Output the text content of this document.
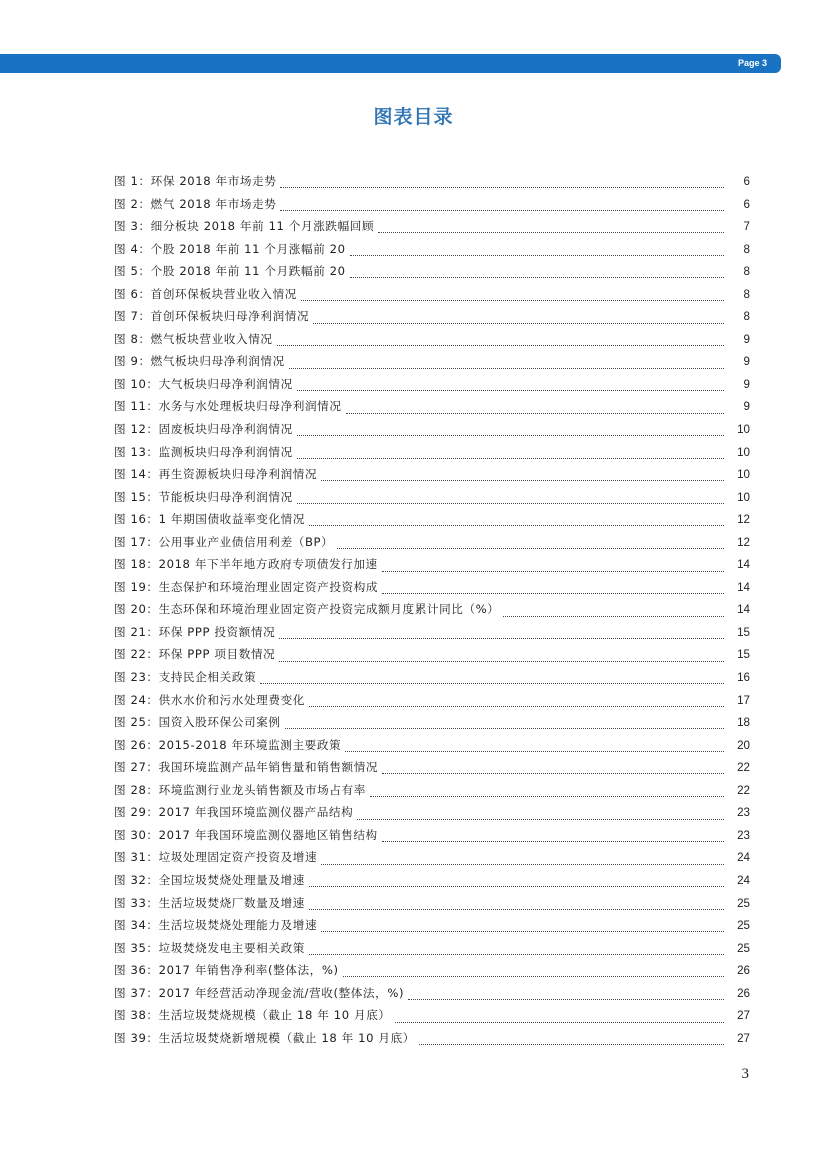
Page 3
图表目录
图 1：环保 2018 年市场走势	6
图 2：燃气 2018 年市场走势	6
图 3：细分板块 2018 年前 11 个月涨跌幅回顾	7
图 4：个股 2018 年前 11 个月涨幅前 20	8
图 5：个股 2018 年前 11 个月跌幅前 20	8
图 6：首创环保板块营业收入情况	8
图 7：首创环保板块归母净利润情况	8
图 8：燃气板块营业收入情况	9
图 9：燃气板块归母净利润情况	9
图 10：大气板块归母净利润情况	9
图 11：水务与水处理板块归母净利润情况	9
图 12：固废板块归母净利润情况	10
图 13：监测板块归母净利润情况	10
图 14：再生资源板块归母净利润情况	10
图 15：节能板块归母净利润情况	10
图 16：1 年期国债收益率变化情况	12
图 17：公用事业产业债信用利差（BP）	12
图 18：2018 年下半年地方政府专项债发行加速	14
图 19：生态保护和环境治理业固定资产投资构成	14
图 20：生态环保和环境治理业固定资产投资完成额月度累计同比（%）	14
图 21：环保 PPP 投资额情况	15
图 22：环保 PPP 项目数情况	15
图 23：支持民企相关政策	16
图 24：供水水价和污水处理费变化	17
图 25：国资入股环保公司案例	18
图 26：2015-2018 年环境监测主要政策	20
图 27：我国环境监测产品年销售量和销售额情况	22
图 28：环境监测行业龙头销售额及市场占有率	22
图 29：2017 年我国环境监测仪器产品结构	23
图 30：2017 年我国环境监测仪器地区销售结构	23
图 31：垃圾处理固定资产投资及增速	24
图 32：全国垃圾焚烧处理量及增速	24
图 33：生活垃圾焚烧厂数量及增速	25
图 34：生活垃圾焚烧处理能力及增速	25
图 35：垃圾焚烧发电主要相关政策	25
图 36：2017 年销售净利率(整体法，%)	26
图 37：2017 年经营活动净现金流/营收(整体法，%)	26
图 38：生活垃圾焚烧规模（截止 18 年 10 月底）	27
图 39：生活垃圾焚烧新增规模（截止 18 年 10 月底）	27
3
